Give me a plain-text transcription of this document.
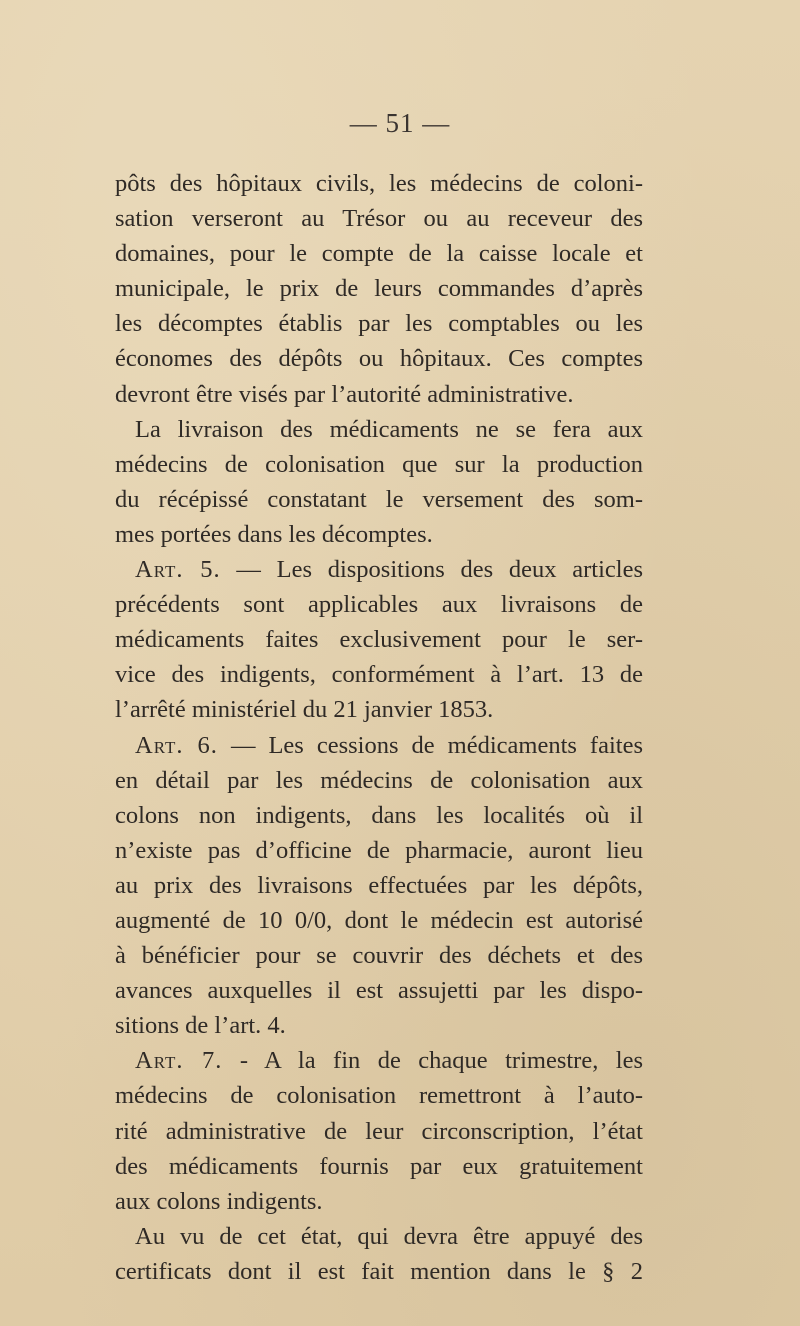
— 51 —
pôts des hôpitaux civils, les médecins de coloni-
sation verseront au Trésor ou au receveur des
domaines, pour le compte de la caisse locale et
municipale, le prix de leurs commandes d’après
les décomptes établis par les comptables ou les
économes des dépôts ou hôpitaux. Ces comptes
devront être visés par l’autorité administrative.
La livraison des médicaments ne se fera aux
médecins de colonisation que sur la production
du récépissé constatant le versement des som-
mes portées dans les décomptes.
Art. 5. — Les dispositions des deux articles
précédents sont applicables aux livraisons de
médicaments faites exclusivement pour le ser-
vice des indigents, conformément à l’art. 13 de
l’arrêté ministériel du 21 janvier 1853.
Art. 6. — Les cessions de médicaments faites
en détail par les médecins de colonisation aux
colons non indigents, dans les localités où il
n’existe pas d’officine de pharmacie, auront lieu
au prix des livraisons effectuées par les dépôts,
augmenté de 10 0/0, dont le médecin est autorisé
à bénéficier pour se couvrir des déchets et des
avances auxquelles il est assujetti par les dispo-
sitions de l’art. 4.
Art. 7. - A la fin de chaque trimestre, les
médecins de colonisation remettront à l’auto-
rité administrative de leur circonscription, l’état
des médicaments fournis par eux gratuitement
aux colons indigents.
Au vu de cet état, qui devra être appuyé des
certificats dont il est fait mention dans le § 2
